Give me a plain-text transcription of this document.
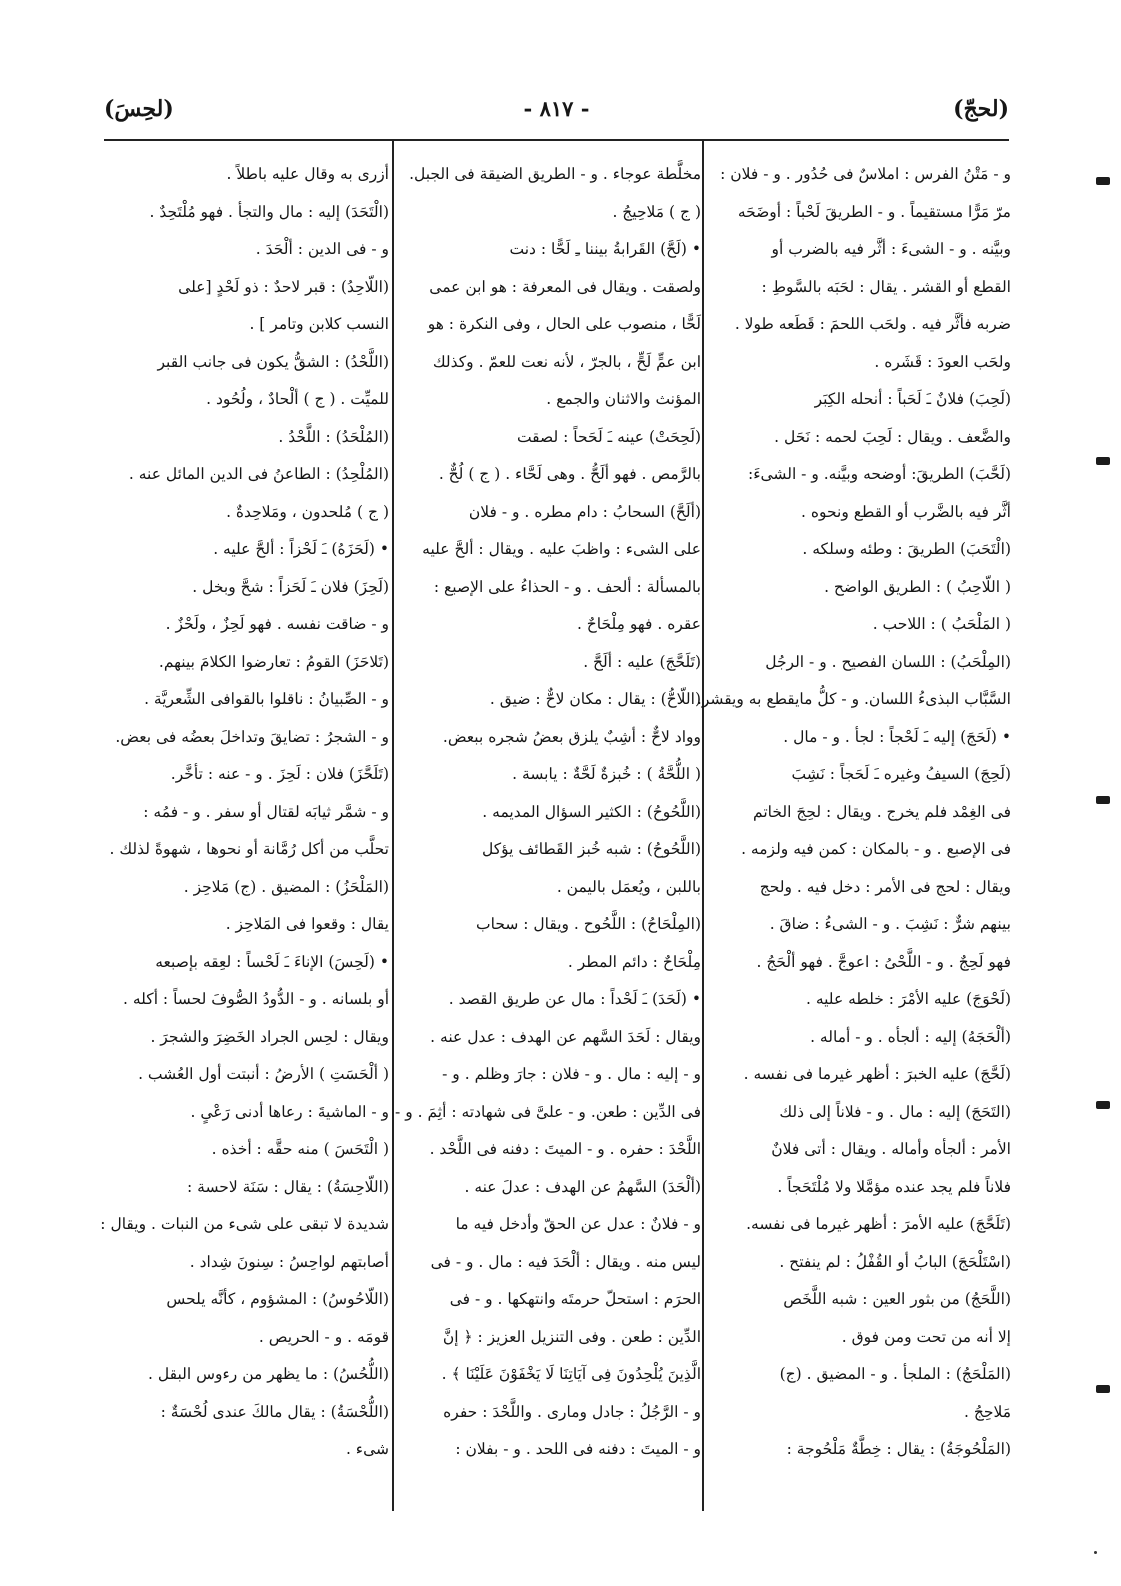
(لحجّ)
- ٨١٧ -
(لحِسَ)
و - مَتْنُ الفرس : املاسٌ فى حُدُور . و - فلان :
مرّ مَرًّا مستقيماً . و - الطريقَ لَحْباً : أوضَحَه
وبيَّنه . و - الشىءَ : أثَّر فيه بالضرب أو
القطع أو القشر . يقال : لحَبَه بالسَّوطِ :
ضربه فأثَّر فيه . ولحَب اللحمَ : قَطَعه طولا .
ولحَب العودَ : قَشَره .
(لَحِبَ) فلانٌ ـَ لَحَباً : أنحله الكِبَر
والضَّعف . ويقال : لَحِبَ لحمه : نَحَل .
(لَحَّبَ) الطريقَ: أوضحه وبيَّنه. و - الشىءَ:
أثَّر فيه بالضَّرب أو القطع ونحوه .
(الْتَحَبَ) الطريقَ : وطئه وسلكه .
( اللّاحِبُ ) : الطريق الواضح .
( المَلْحَبُ ) : اللاحب .
(المِلْحَبُ) : اللسان الفصيح . و - الرجُل
السَّبَّاب البذىءُ اللسان. و - كلُّ مايقطع به ويقشر.
• (لَحَجَ) إليه ـَ لَحْجاً : لجأ . و - مال .
(لَحِجَ) السيفُ وغيره ـَ لَحَجاً : نَشِبَ
فى الغِمْد فلم يخرج . ويقال : لحِجَ الخاتم
فى الإصبع . و - بالمكان : كمن فيه ولزمه .
ويقال : لحج فى الأمر : دخل فيه . ولحج
بينهم شرٌّ : نَشِبَ . و - الشىءُ : ضاقَ .
فهو لَحِجٌ . و - اللَّحْىُ : اعوجَّ . فهو ألْحَجُ .
(لَحْوَجَ) عليه الأمْرَ : خلطه عليه .
(ألْحَجَهُ) إليه : ألجأه . و - أماله .
(لَحَّجَ) عليه الخبرَ : أظهر غيرما فى نفسه .
(التَحَجَ) إليه : مال . و - فلاناً إلى ذلك
الأمر : ألجأه وأماله . ويقال : أتى فلانٌ
فلاناً فلم يجد عنده مؤمَّلا ولا مُلْتَحَجاً .
(تَلَحَّجَ) عليه الأمرَ : أظهر غيرما فى نفسه.
(اسْتَلْحَجَ) البابُ أو القُفْلُ : لم ينفتح .
(اللَّحَجُ) من بثور العين : شبه اللَّخَص
إلا أنه من تحت ومن فوق .
(المَلْحَجُ) : الملجأ . و - المضيق . (ج)
مَلاحِجُ .
(المَلْحُوجَةُ) : يقال : خِطَّةٌ مَلْحُوجة :
مخلَّطة عوجاء . و - الطريق الضيقة فى الجبل.
( ج ) مَلاحِيجُ .
• (لَحَّ) القَرابةُ بيننا ـِ لَحًّا : دنت
ولصقت . ويقال فى المعرفة : هو ابن عمى
لَحًّا ، منصوب على الحال ، وفى النكرة : هو
ابن عمٍّ لَحٍّ ، بالجرّ ، لأنه نعت للعمّ . وكذلك
المؤنث والاثنان والجمع .
(لَحِحَتْ) عينه ـَ لَحَحاً : لصقت
بالرَّمص . فهو ألَحُّ . وهى لَحَّاء . ( ج ) لُحٌّ .
(ألَحَّ) السحابُ : دام مطره . و - فلان
على الشىء : واظبَ عليه . ويقال : ألحَّ عليه
بالمسألة : ألحف . و - الحذاءُ على الإصبع :
عقره . فهو مِلْحَاحٌ .
(تَلَحَّجَ) عليه : ألَحَّ .
(اللّاحُّ) : يقال : مكان لاحٌّ : ضيق .
وواد لاحٌّ : أشِبٌ يلزق بعضُ شجره ببعض.
( اللُّحَّةُ ) : خُبزةٌ لَحَّةٌ : يابسة .
(اللَّحُوحُ) : الكثير السؤال المديمه .
(اللَّحُوحُ) : شبه خُبز القَطائف يؤكل
باللبن ، ويُعمَل باليمن .
(المِلْحَاحُ) : اللَّحُوح . ويقال : سحاب
مِلْحَاحٌ : دائم المطر .
• (لَحَدَ) ـَ لَحْداً : مال عن طريق القصد .
ويقال : لَحَدَ السَّهم عن الهدف : عدل عنه .
و - إليه : مال . و - فلان : جارَ وظلم . و -
فى الدِّين : طعن. و - علىَّ فى شهادته : أثِمَ . و -
اللَّحْدَ : حفره . و - الميتَ : دفنه فى اللَّحْد .
(ألْحَدَ) السَّهمُ عن الهدف : عدلَ عنه .
و - فلانٌ : عدل عن الحقّ وأدخل فيه ما
ليس منه . ويقال : ألْحَدَ فيه : مال . و - فى
الحرَم : استحلّ حرمتَه وانتهكها . و - فى
الدِّين : طعن . وفى التنزيل العزيز : ﴿ إنَّ
الَّذِينَ يُلْحِدُونَ فِى آيَاتِنَا لَا يَخْفَوْنَ عَلَيْنَا ﴾ .
و - الرَّجُلُ : جادل ومارى . واللَّحْدَ : حفره
و - الميتَ : دفنه فى اللحد . و - بفلان :
أزرى به وقال عليه باطلاً .
(الْتَحَدَ) إليه : مال والتجأ . فهو مُلْتَحِدٌ .
و - فى الدين : ألْحَدَ .
(اللّاحِدُ) : قبر لاحدٌ : ذو لَحْدٍ [على
النسب كلابن وتامر ] .
(اللَّحْدُ) : الشقُّ يكون فى جانب القبر
للميِّت . ( ج ) ألْحادٌ ، ولُحُود .
(المُلْحَدُ) : اللَّحْدُ .
(المُلْحِدُ) : الطاعنُ فى الدين المائل عنه .
( ج ) مُلحدون ، ومَلاحِدةٌ .
• (لَحَزَهُ) ـَ لَحْزاً : ألحَّ عليه .
(لَحِزَ) فلان ـَ لَحَزاً : شحَّ وبخل .
و - ضاقت نفسه . فهو لَحِزٌ ، ولَحْزٌ .
(تَلاحَزَ) القومُ : تعارضوا الكلامَ بينهم.
و - الصِّبيانُ : ناقلوا بالقوافى الشِّعريَّة .
و - الشجرُ : تضايقَ وتداخلَ بعضُه فى بعض.
(تَلَحَّزَ) فلان : لَحِزَ . و - عنه : تأخَّر.
و - شمَّر ثيابَه لقتال أو سفر . و - فمُه :
تحلَّب من أكل رُمَّانة أو نحوها ، شهوةً لذلك .
(المَلْحَزُ) : المضيق . (ج) مَلاحِز .
يقال : وقعوا فى المَلاحِز .
• (لَحِسَ) الإناءَ ـَ لَحْساً : لعِقه بإصبعه
أو بلسانه . و - الدُّودُ الصُّوفَ لحساً : أكله .
ويقال : لحِس الجراد الخَضِرَ والشجرَ .
( ألْحَسَتِ ) الأرضُ : أنبتت أول العُشب .
و - الماشيةَ : رعاها أدنى رَعْىٍ .
( الْتَحَسَ ) منه حقَّه : أخذه .
(اللّاحِسَةُ) : يقال : سَنَة لاحسة :
شديدة لا تبقى على شىء من النبات . ويقال :
أصابتهم لواحِسُ : سِنونَ شِداد .
(اللّاحُوسُ) : المشؤوم ، كأنَّه يلحس
قومَه . و - الحريص .
(اللُّحُسُ) : ما يظهر من رءوس البقل .
(اللُّحْسَةُ) : يقال مالكَ عندى لُحْسَةٌ :
شىء .
